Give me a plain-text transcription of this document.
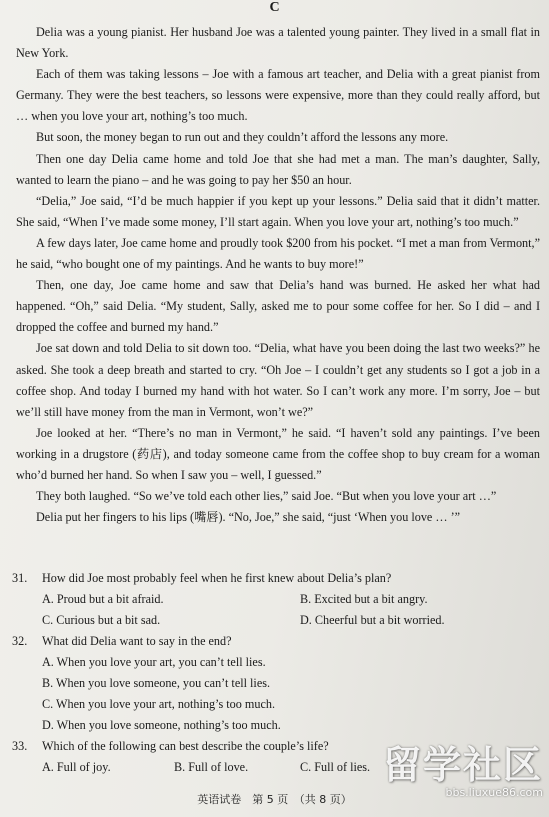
C

Delia was a young pianist. Her husband Joe was a talented young painter. They lived in a small flat in New York.

Each of them was taking lessons – Joe with a famous art teacher, and Delia with a great pianist from Germany. They were the best teachers, so lessons were expensive, more than they could really afford, but … when you love your art, nothing’s too much.

But soon, the money began to run out and they couldn’t afford the lessons any more.

Then one day Delia came home and told Joe that she had met a man. The man’s daughter, Sally, wanted to learn the piano – and he was going to pay her $50 an hour.

“Delia,” Joe said, “I’d be much happier if you kept up your lessons.” Delia said that it didn’t matter. She said, “When I’ve made some money, I’ll start again. When you love your art, nothing’s too much.”

A few days later, Joe came home and proudly took $200 from his pocket. “I met a man from Vermont,” he said, “who bought one of my paintings. And he wants to buy more!”

Then, one day, Joe came home and saw that Delia’s hand was burned. He asked her what had happened. “Oh,” said Delia. “My student, Sally, asked me to pour some coffee for her. So I did – and I dropped the coffee and burned my hand.”

Joe sat down and told Delia to sit down too. “Delia, what have you been doing the last two weeks?” he asked. She took a deep breath and started to cry. “Oh Joe – I couldn’t get any students so I got a job in a coffee shop. And today I burned my hand with hot water. So I can’t work any more. I’m sorry, Joe – but we’ll still have money from the man in Vermont, won’t we?”

Joe looked at her. “There’s no man in Vermont,” he said. “I haven’t sold any paintings. I’ve been working in a drugstore (药店), and today someone came from the coffee shop to buy cream for a woman who’d burned her hand. So when I saw you – well, I guessed.”

They both laughed. “So we’ve told each other lies,” said Joe. “But when you love your art …”

Delia put her fingers to his lips (嘴唇). “No, Joe,” she said, “just ‘When you love … ’”

31.	How did Joe most probably feel when he first knew about Delia’s plan?
A. Proud but a bit afraid.	B. Excited but a bit angry.
C. Curious but a bit sad.	D. Cheerful but a bit worried.
32.	What did Delia want to say in the end?
A. When you love your art, you can’t tell lies.
B. When you love someone, you can’t tell lies.
C. When you love your art, nothing’s too much.
D. When you love someone, nothing’s too much.
33.	Which of the following can best describe the couple’s life?
A. Full of joy.	B. Full of love.	C. Full of lies.
英语试卷　第 5 页　（共 8 页）
留学社区
bbs.liuxue86.com
